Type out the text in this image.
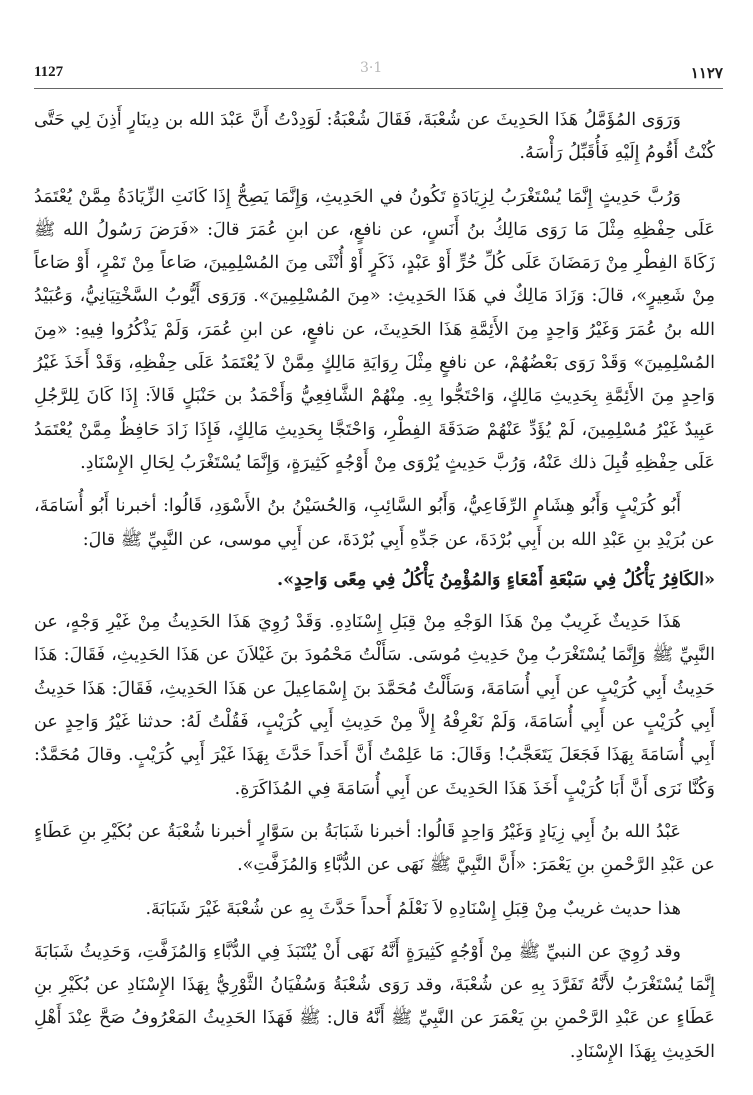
1127	3·1	١١٢٧

وَرَوَى المُؤَمَّلُ هَذَا الحَدِيثَ عن شُعْبَةَ، فَقَالَ شُعْبَةُ: لَوَدِدْتُ أَنَّ عَبْدَ الله بن دِينَارٍ أَذِنَ لِي حَتَّى كُنْتُ أَقُومُ إِلَيْهِ فَأُقَبِّلُ رَأْسَهُ.

وَرُبَّ حَدِيثٍ إِنَّمَا يُسْتَغْرَبُ لِزِيَادَةٍ تَكُونُ في الحَدِيثِ، وَإِنَّمَا يَصِحُّ إِذَا كَانَتِ الزِّيَادَةُ مِمَّنْ يُعْتَمَدُ عَلَى حِفْظِهِ مِثْلَ مَا رَوَى مَالِكُ بنُ أَنَسٍ، عن نافعٍ، عن ابنِ عُمَرَ قالَ: «فَرَضَ رَسُولُ الله ﷺ زَكَاةَ الفِطْرِ مِنْ رَمَضَانَ عَلَى كُلِّ حُرٍّ أَوْ عَبْدٍ، ذَكَرٍ أَوْ أُنْثَى مِنَ المُسْلِمِينَ، صَاعاً مِنْ تَمْرٍ، أَوْ صَاعاً مِنْ شَعِيرٍ»، قالَ: وَزَادَ مَالِكٌ في هَذَا الحَدِيثِ: «مِنَ المُسْلِمِينَ». وَرَوَى أَيُّوبُ السَّخْتِيَانِيُّ، وَعُبَيْدُ الله بنُ عُمَرَ وَغَيْرُ وَاحِدٍ مِنَ الأَئِمَّةِ هَذَا الحَدِيثَ، عن نافعٍ، عن ابنِ عُمَرَ، وَلَمْ يَذْكُرُوا فِيهِ: «مِنَ المُسْلِمِينَ» وَقَدْ رَوَى بَعْضُهُمْ، عن نافعٍ مِثْلَ رِوَايَةِ مَالِكٍ مِمَّنْ لاَ يُعْتَمَدُ عَلَى حِفْظِهِ، وَقَدْ أَخَذَ غَيْرُ وَاحِدٍ مِنَ الأَئِمَّةِ بِحَدِيثِ مَالِكٍ، وَاحْتَجُّوا بِهِ. مِنْهُمْ الشَّافِعِيُّ وَأَحْمَدُ بن حَنْبَلٍ قَالاَ: إِذَا كَانَ لِلرَّجُلِ عَبِيدٌ غَيْرُ مُسْلِمِينَ، لَمْ يُؤَدِّ عَنْهُمْ صَدَقَةَ الفِطْرِ، وَاحْتَجَّا بِحَدِيثِ مَالِكٍ، فَإِذَا زَادَ حَافِظٌ مِمَّنْ يُعْتَمَدُ عَلَى حِفْظِهِ قُبِلَ ذلك عَنْهُ، وَرُبَّ حَدِيثٍ يُرْوَى مِنْ أَوْجُهٍ كَثِيرَةٍ، وَإِنَّمَا يُسْتَغْرَبُ لِحَالِ الإِسْنَادِ.

أَبُو كُرَيْبٍ وَأَبُو هِشَامٍ الرِّفَاعِيُّ، وَأَبُو السَّائِبِ، وَالحُسَيْنُ بنُ الأَسْوَدِ، قَالُوا: أخبرنا أَبُو أُسَامَةَ، عن بُرَيْدِ بنِ عَبْدِ الله بن أَبِي بُرْدَةَ، عن جَدِّهِ أَبِي بُرْدَةَ، عن أَبِي موسى، عن النَّبِيِّ ﷺ قالَ:

«الكَافِرُ يَأْكُلُ فِي سَبْعَةِ أَمْعَاءٍ وَالمُؤْمِنُ يَأْكُلُ فِي مِعًى وَاحِدٍ».

هَذَا حَدِيثٌ غَرِيبٌ مِنْ هَذَا الوَجْهِ مِنْ قِبَلِ إِسْنَادِهِ. وَقَدْ رُوِيَ هَذَا الحَدِيثُ مِنْ غَيْرِ وَجْهٍ، عن النَّبِيِّ ﷺ وَإِنَّمَا يُسْتَغْرَبُ مِنْ حَدِيثِ مُوسَى. سَأَلْتُ مَحْمُودَ بنَ غَيْلاَنَ عن هَذَا الحَدِيثِ، فَقَالَ: هَذَا حَدِيثُ أَبِي كُرَيْبٍ عن أَبِي أُسَامَةَ، وَسَأَلْتُ مُحَمَّدَ بنَ إِسْمَاعِيلَ عن هَذَا الحَدِيثِ، فَقَالَ: هَذَا حَدِيثُ أَبِي كُرَيْبٍ عن أَبِي أُسَامَةَ، وَلَمْ نَعْرِفْهُ إِلاَّ مِنْ حَدِيثِ أَبِي كُرَيْبٍ، فَقُلْتُ لَهُ: حدثنا غَيْرُ وَاحِدٍ عن أَبِي أُسَامَةَ بِهَذَا فَجَعَلَ يَتَعَجَّبُ! وَقَالَ: مَا عَلِمْتُ أَنَّ أَحَداً حَدَّثَ بِهَذَا غَيْرَ أَبِي كُرَيْبٍ. وقالَ مُحَمَّدٌ: وَكُنَّا نَرَى أَنَّ أَبَا كُرَيْبٍ أَخَذَ هَذَا الحَدِيثَ عن أَبِي أُسَامَةَ فِي المُذَاكَرَةِ.

عَبْدُ الله بنُ أَبِي زِيَادٍ وَغَيْرُ وَاحِدٍ قَالُوا: أخبرنا شَبَابَةُ بن سَوَّارٍ أخبرنا شُعْبَةُ عن بُكَيْرِ بنِ عَطَاءٍ عن عَبْدِ الرَّحْمنِ بنِ يَعْمَرَ: «أَنَّ النَّبِيَّ ﷺ نَهَى عن الدُّبَّاءِ وَالمُزَفَّتِ».

هذا حديث غريبٌ مِنْ قِبَلِ إِسْنَادِهِ لاَ نَعْلَمُ أَحداً حَدَّثَ بِهِ عن شُعْبَةَ غَيْرَ شَبَابَةَ.

وقد رُوِيَ عن النبيِّ ﷺ مِنْ أَوْجُهٍ كَثِيرَةٍ أَنَّهُ نَهَى أَنْ يُنْتَبَذَ فِي الدُّبَّاءِ وَالمُزَفَّتِ، وَحَدِيثُ شَبَابَةَ إِنَّمَا يُسْتَغْرَبُ لأَنَّهُ تَفَرَّدَ بِهِ عن شُعْبَةَ، وقد رَوَى شُعْبَةُ وَسُفْيَانُ الثَّوْرِيُّ بِهَذَا الإِسْنَادِ عن بُكَيْرِ بنِ عَطَاءٍ عن عَبْدِ الرَّحْمنِ بنِ يَعْمَرَ عن النَّبِيِّ ﷺ أَنَّهُ قال: ﷺ فَهَذَا الحَدِيثُ المَعْرُوفُ صَحَّ عِنْدَ أَهْلِ الحَدِيثِ بِهَذَا الإِسْنَادِ.
